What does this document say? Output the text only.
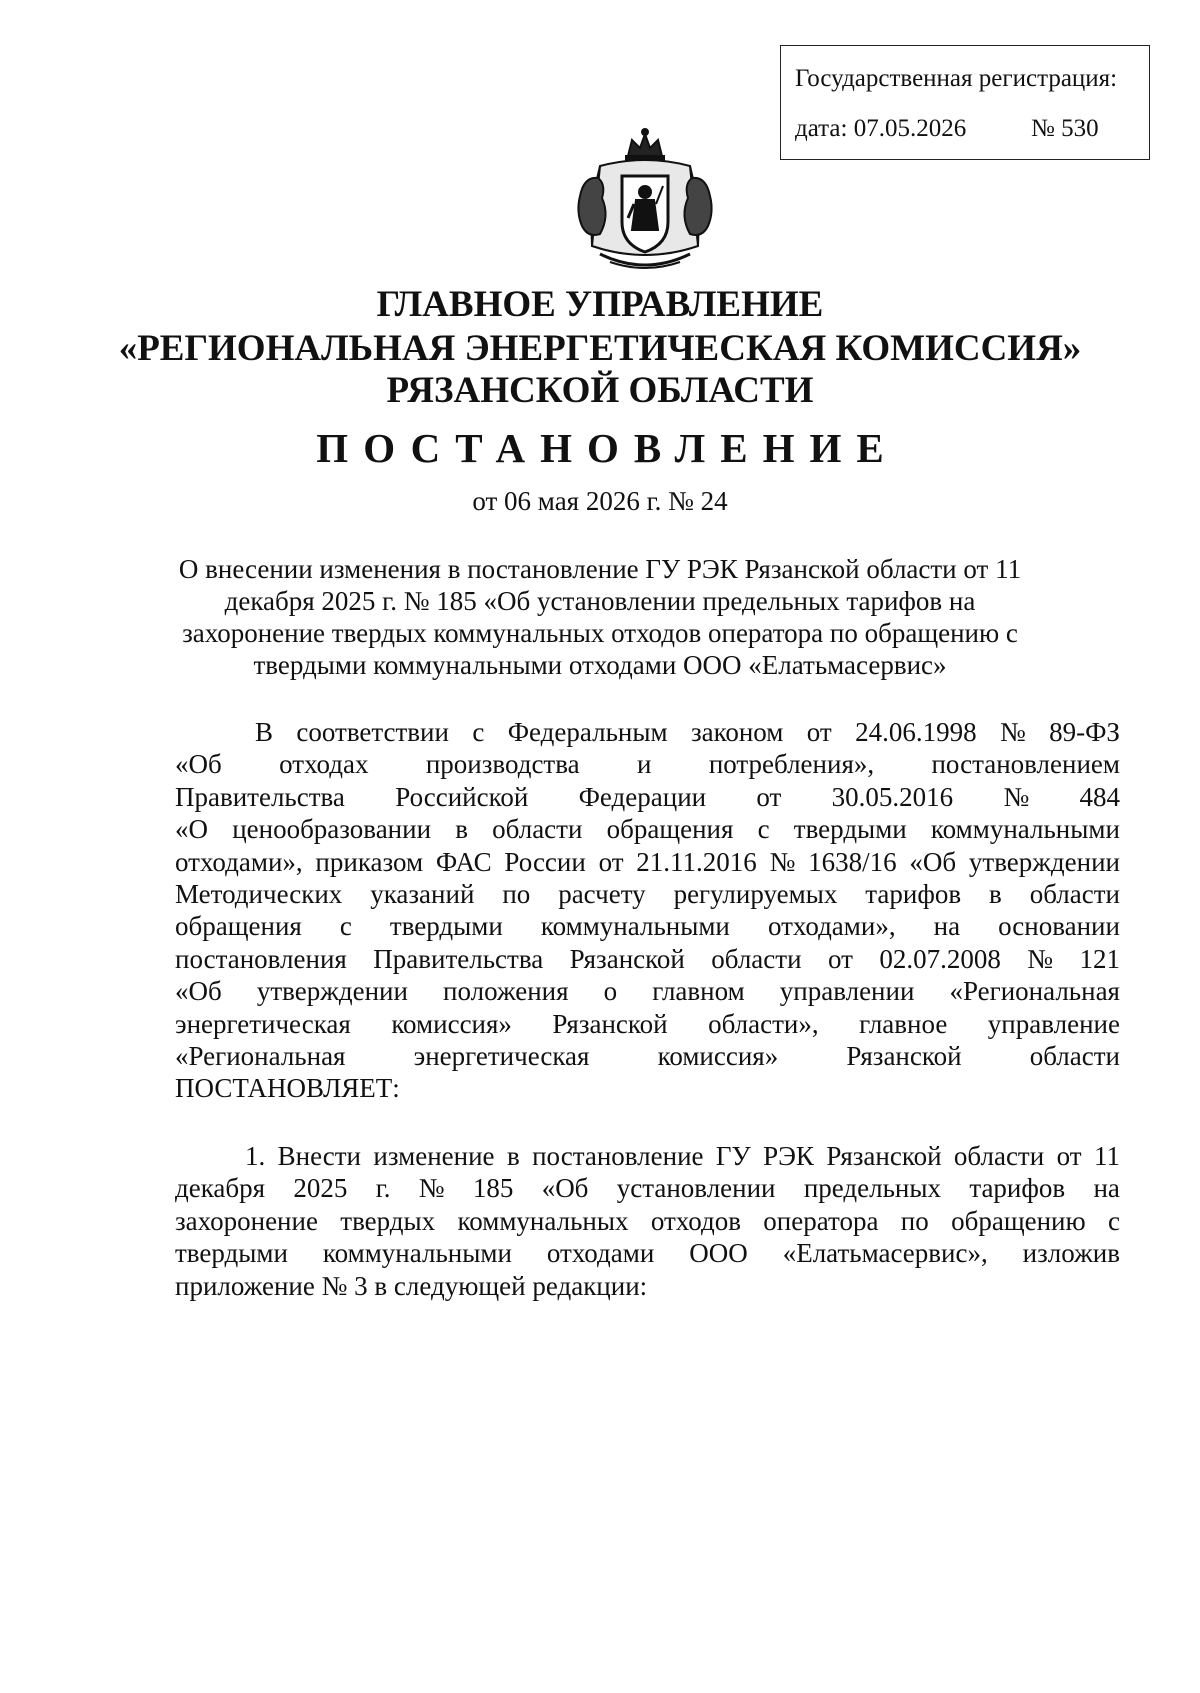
Государственная регистрация:
дата: 07.05.2026	№ 530
ГЛАВНОЕ УПРАВЛЕНИЕ
«РЕГИОНАЛЬНАЯ ЭНЕРГЕТИЧЕСКАЯ КОМИССИЯ»
РЯЗАНСКОЙ ОБЛАСТИ
ПОСТАНОВЛЕНИЕ
от 06 мая 2026 г. № 24
О внесении изменения в постановление ГУ РЭК Рязанской области от 11
декабря 2025 г. № 185 «Об установлении предельных тарифов на
захоронение твердых коммунальных отходов оператора по обращению с
твердыми коммунальными отходами ООО «Елатьмасервис»
В соответствии с Федеральным законом от 24.06.1998 № 89-ФЗ
«Об отходах производства и потребления», постановлением
Правительства Российской Федерации от 30.05.2016 № 484
«О ценообразовании в области обращения с твердыми коммунальными
отходами», приказом ФАС России от 21.11.2016 № 1638/16 «Об утверждении
Методических указаний по расчету регулируемых тарифов в области
обращения с твердыми коммунальными отходами», на основании
постановления Правительства Рязанской области от 02.07.2008 № 121
«Об утверждении положения о главном управлении «Региональная
энергетическая комиссия» Рязанской области», главное управление
«Региональная	энергетическая	комиссия»	Рязанской	области
ПОСТАНОВЛЯЕТ:
1. Внести изменение в постановление ГУ РЭК Рязанской области от 11
декабря 2025 г. № 185 «Об установлении предельных тарифов на
захоронение твердых коммунальных отходов оператора по обращению с
твердыми коммунальными отходами ООО «Елатьмасервис», изложив
приложение № 3 в следующей редакции:
